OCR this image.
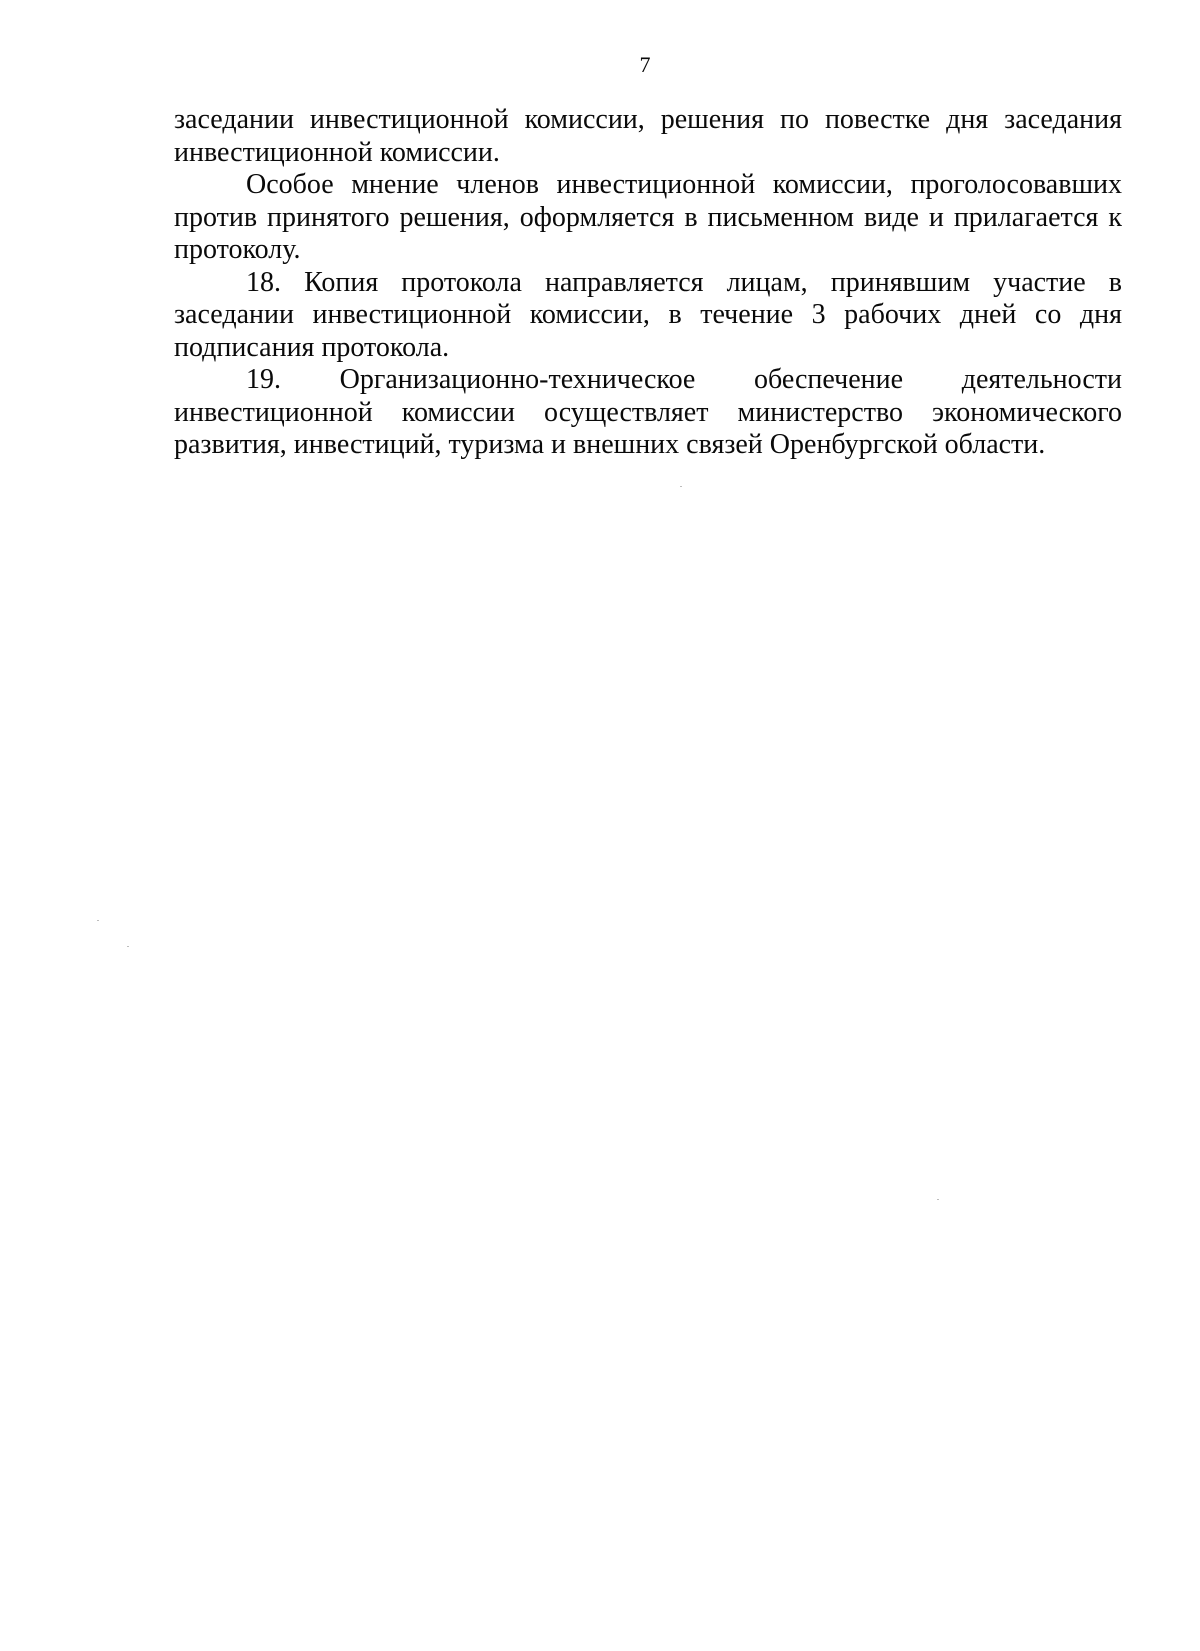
7

заседании инвестиционной комиссии, решения по повестке дня заседания

инвестиционной комиссии.

Особое мнение членов инвестиционной комиссии, проголосовавших

против принятого решения, оформляется в письменном виде и прилагается к

протоколу.

18. Копия протокола направляется лицам, принявшим участие в

заседании инвестиционной комиссии, в течение 3 рабочих дней со дня

подписания протокола.

19. Организационно-техническое обеспечение деятельности

инвестиционной комиссии осуществляет министерство экономического

развития, инвестиций, туризма и внешних связей Оренбургской области.
